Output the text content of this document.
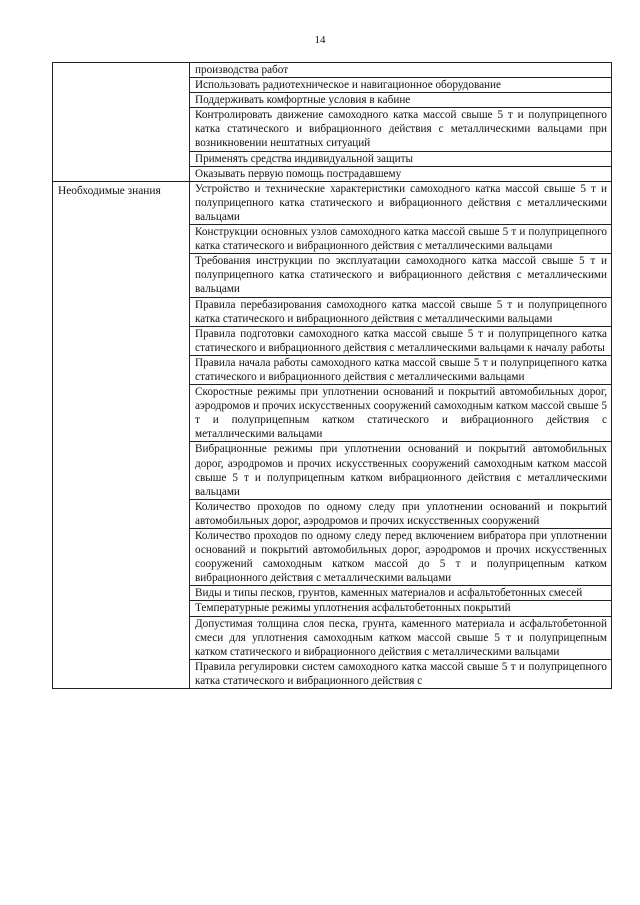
14
	производства работ
	Использовать радиотехническое и навигационное оборудование
	Поддерживать комфортные условия в кабине
	Контролировать движение самоходного катка массой свыше 5 т и полуприцепного катка статического и вибрационного действия с металлическими вальцами при возникновении нештатных ситуаций
	Применять средства индивидуальной защиты
	Оказывать первую помощь пострадавшему
Необходимые знания	Устройство и технические характеристики самоходного катка массой свыше 5 т и полуприцепного катка статического и вибрационного действия с металлическими вальцами
	Конструкции основных узлов самоходного катка массой свыше 5 т и полуприцепного катка статического и вибрационного действия с металлическими вальцами
	Требования инструкции по эксплуатации самоходного катка массой свыше 5 т и полуприцепного катка статического и вибрационного действия с металлическими вальцами
	Правила перебазирования самоходного катка массой свыше 5 т и полуприцепного катка статического и вибрационного действия с металлическими вальцами
	Правила подготовки самоходного катка массой свыше 5 т и полуприцепного катка статического и вибрационного действия с металлическими вальцами к началу работы
	Правила начала работы самоходного катка массой свыше 5 т и полуприцепного катка статического и вибрационного действия с металлическими вальцами
	Скоростные режимы при уплотнении оснований и покрытий автомобильных дорог, аэродромов и прочих искусственных сооружений самоходным катком массой свыше 5 т и полуприцепным катком статического и вибрационного действия с металлическими вальцами
	Вибрационные режимы при уплотнении оснований и покрытий автомобильных дорог, аэродромов и прочих искусственных сооружений самоходным катком массой свыше 5 т и полуприцепным катком вибрационного действия с металлическими вальцами
	Количество проходов по одному следу при уплотнении оснований и покрытий автомобильных дорог, аэродромов и прочих искусственных сооружений
	Количество проходов по одному следу перед включением вибратора при уплотнении оснований и покрытий автомобильных дорог, аэродромов и прочих искусственных сооружений самоходным катком массой до 5 т и полуприцепным катком вибрационного действия с металлическими вальцами
	Виды и типы песков, грунтов, каменных материалов и асфальтобетонных смесей
	Температурные режимы уплотнения асфальтобетонных покрытий
	Допустимая толщина слоя песка, грунта, каменного материала и асфальтобетонной смеси для уплотнения самоходным катком массой свыше 5 т и полуприцепным катком статического и вибрационного действия с металлическими вальцами
	Правила регулировки систем самоходного катка массой свыше 5 т и полуприцепного катка статического и вибрационного действия с
